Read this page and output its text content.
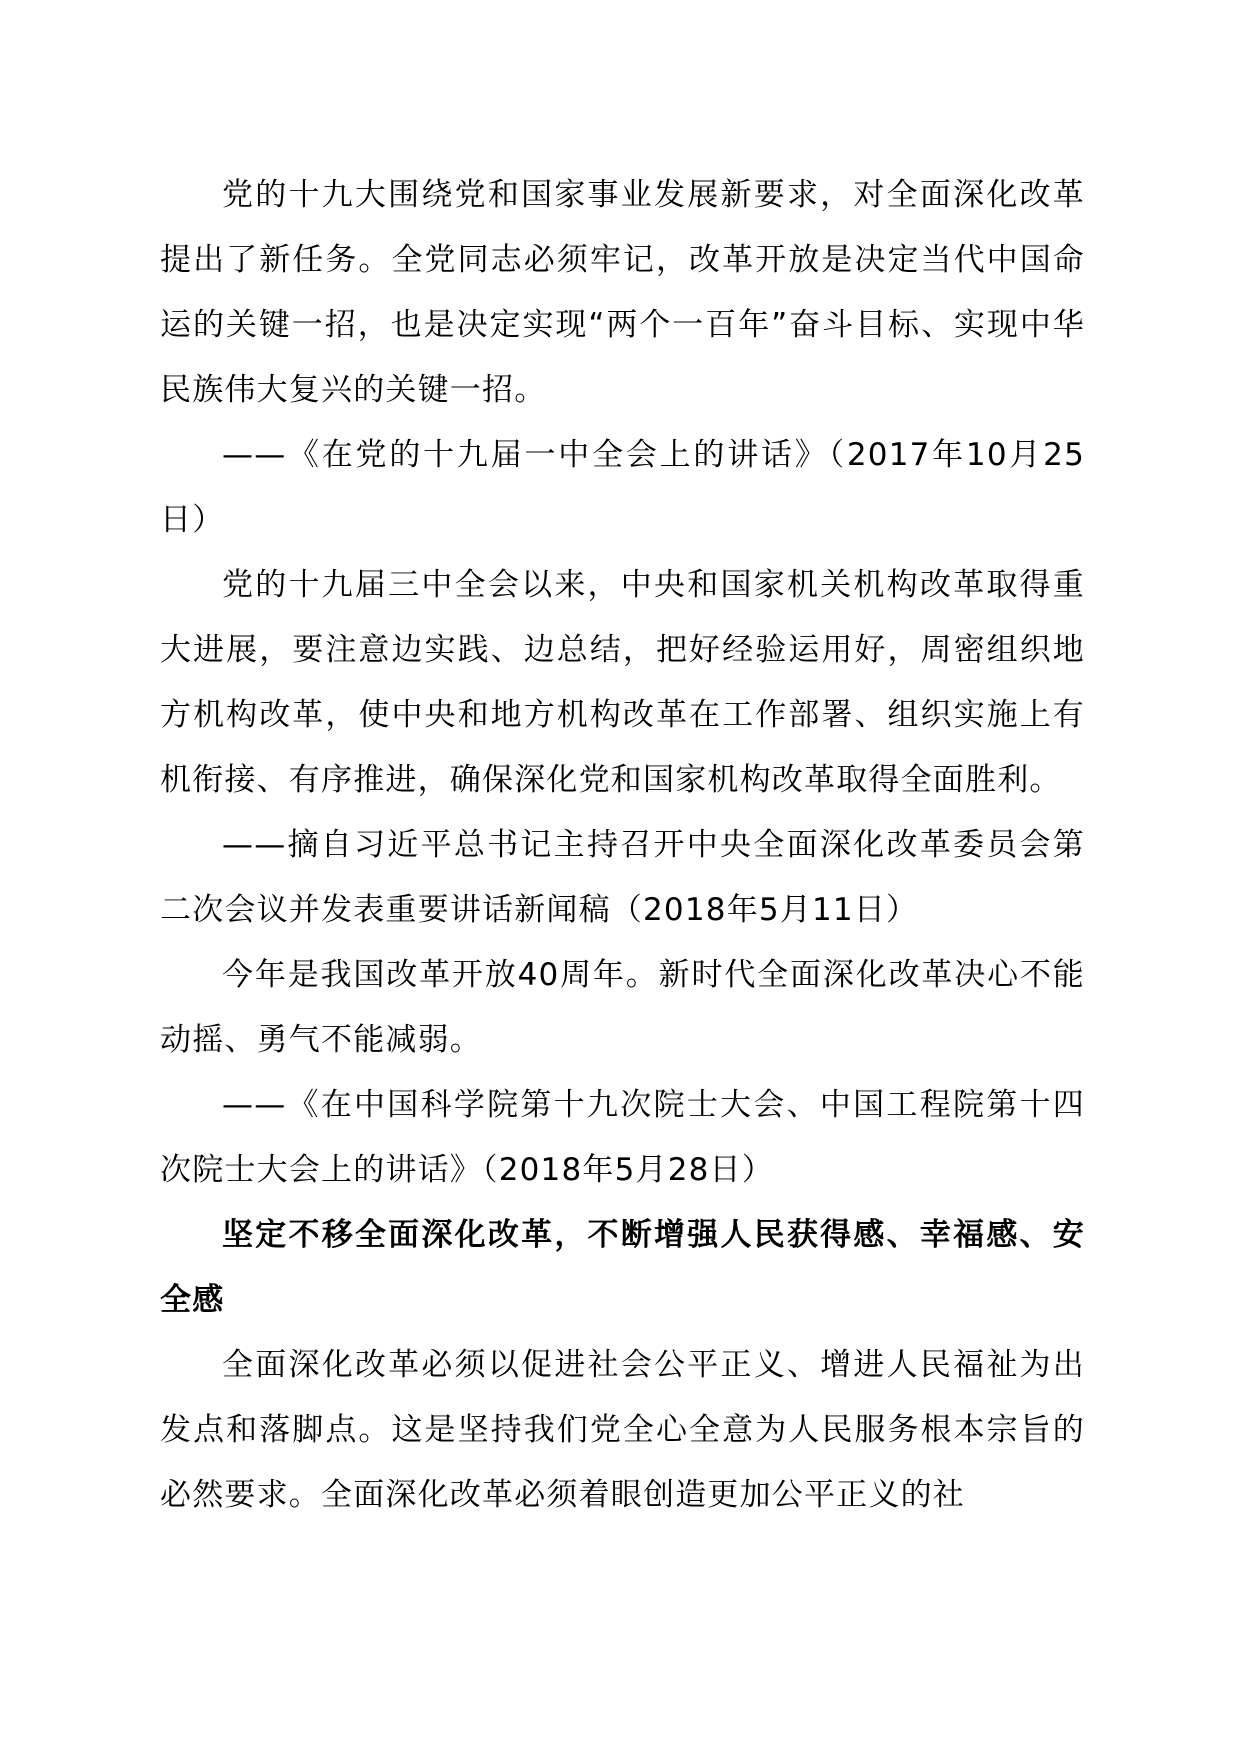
党的十九大围绕党和国家事业发展新要求，对全面深化改革提出了新任务。全党同志必须牢记，改革开放是决定当代中国命运的关键一招，也是决定实现“两个一百年”奋斗目标、实现中华民族伟大复兴的关键一招。

——《在党的十九届一中全会上的讲话》（2017年10月25日）

党的十九届三中全会以来，中央和国家机关机构改革取得重大进展，要注意边实践、边总结，把好经验运用好，周密组织地方机构改革，使中央和地方机构改革在工作部署、组织实施上有机衔接、有序推进，确保深化党和国家机构改革取得全面胜利。

——摘自习近平总书记主持召开中央全面深化改革委员会第二次会议并发表重要讲话新闻稿（2018年5月11日）

今年是我国改革开放40周年。新时代全面深化改革决心不能动摇、勇气不能减弱。

——《在中国科学院第十九次院士大会、中国工程院第十四次院士大会上的讲话》（2018年5月28日）

坚定不移全面深化改革，不断增强人民获得感、幸福感、安全感

全面深化改革必须以促进社会公平正义、增进人民福祉为出发点和落脚点。这是坚持我们党全心全意为人民服务根本宗旨的必然要求。全面深化改革必须着眼创造更加公平正义的社
